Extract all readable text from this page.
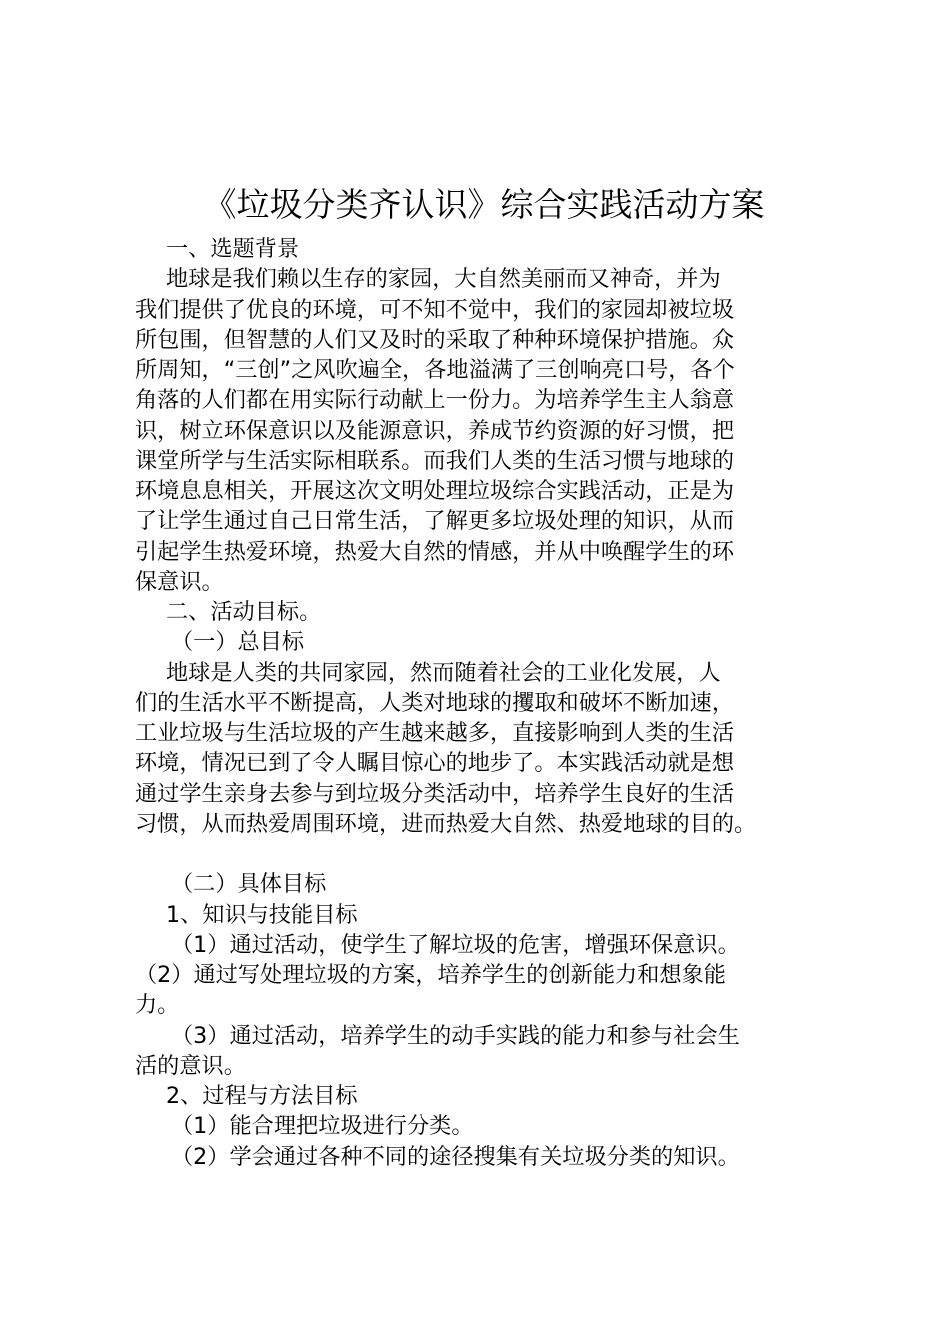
《垃圾分类齐认识》综合实践活动方案
一、选题背景
地球是我们赖以生存的家园，大自然美丽而又神奇，并为
我们提供了优良的环境，可不知不觉中，我们的家园却被垃圾
所包围，但智慧的人们又及时的采取了种种环境保护措施。众
所周知，“三创”之风吹遍全，各地溢满了三创响亮口号，各个
角落的人们都在用实际行动献上一份力。为培养学生主人翁意
识，树立环保意识以及能源意识，养成节约资源的好习惯，把
课堂所学与生活实际相联系。而我们人类的生活习惯与地球的
环境息息相关，开展这次文明处理垃圾综合实践活动，正是为
了让学生通过自己日常生活，了解更多垃圾处理的知识，从而
引起学生热爱环境，热爱大自然的情感，并从中唤醒学生的环
保意识。
二、活动目标。
（一）总目标
地球是人类的共同家园，然而随着社会的工业化发展，人
们的生活水平不断提高，人类对地球的攫取和破坏不断加速，
工业垃圾与生活垃圾的产生越来越多，直接影响到人类的生活
环境，情况已到了令人瞩目惊心的地步了。本实践活动就是想
通过学生亲身去参与到垃圾分类活动中，培养学生良好的生活
习惯，从而热爱周围环境，进而热爱大自然、热爱地球的目的。
（二）具体目标
1、知识与技能目标
（1）通过活动，使学生了解垃圾的危害，增强环保意识。
（2）通过写处理垃圾的方案，培养学生的创新能力和想象能
力。
（3）通过活动，培养学生的动手实践的能力和参与社会生
活的意识。
2、过程与方法目标
（1）能合理把垃圾进行分类。
（2）学会通过各种不同的途径搜集有关垃圾分类的知识。
